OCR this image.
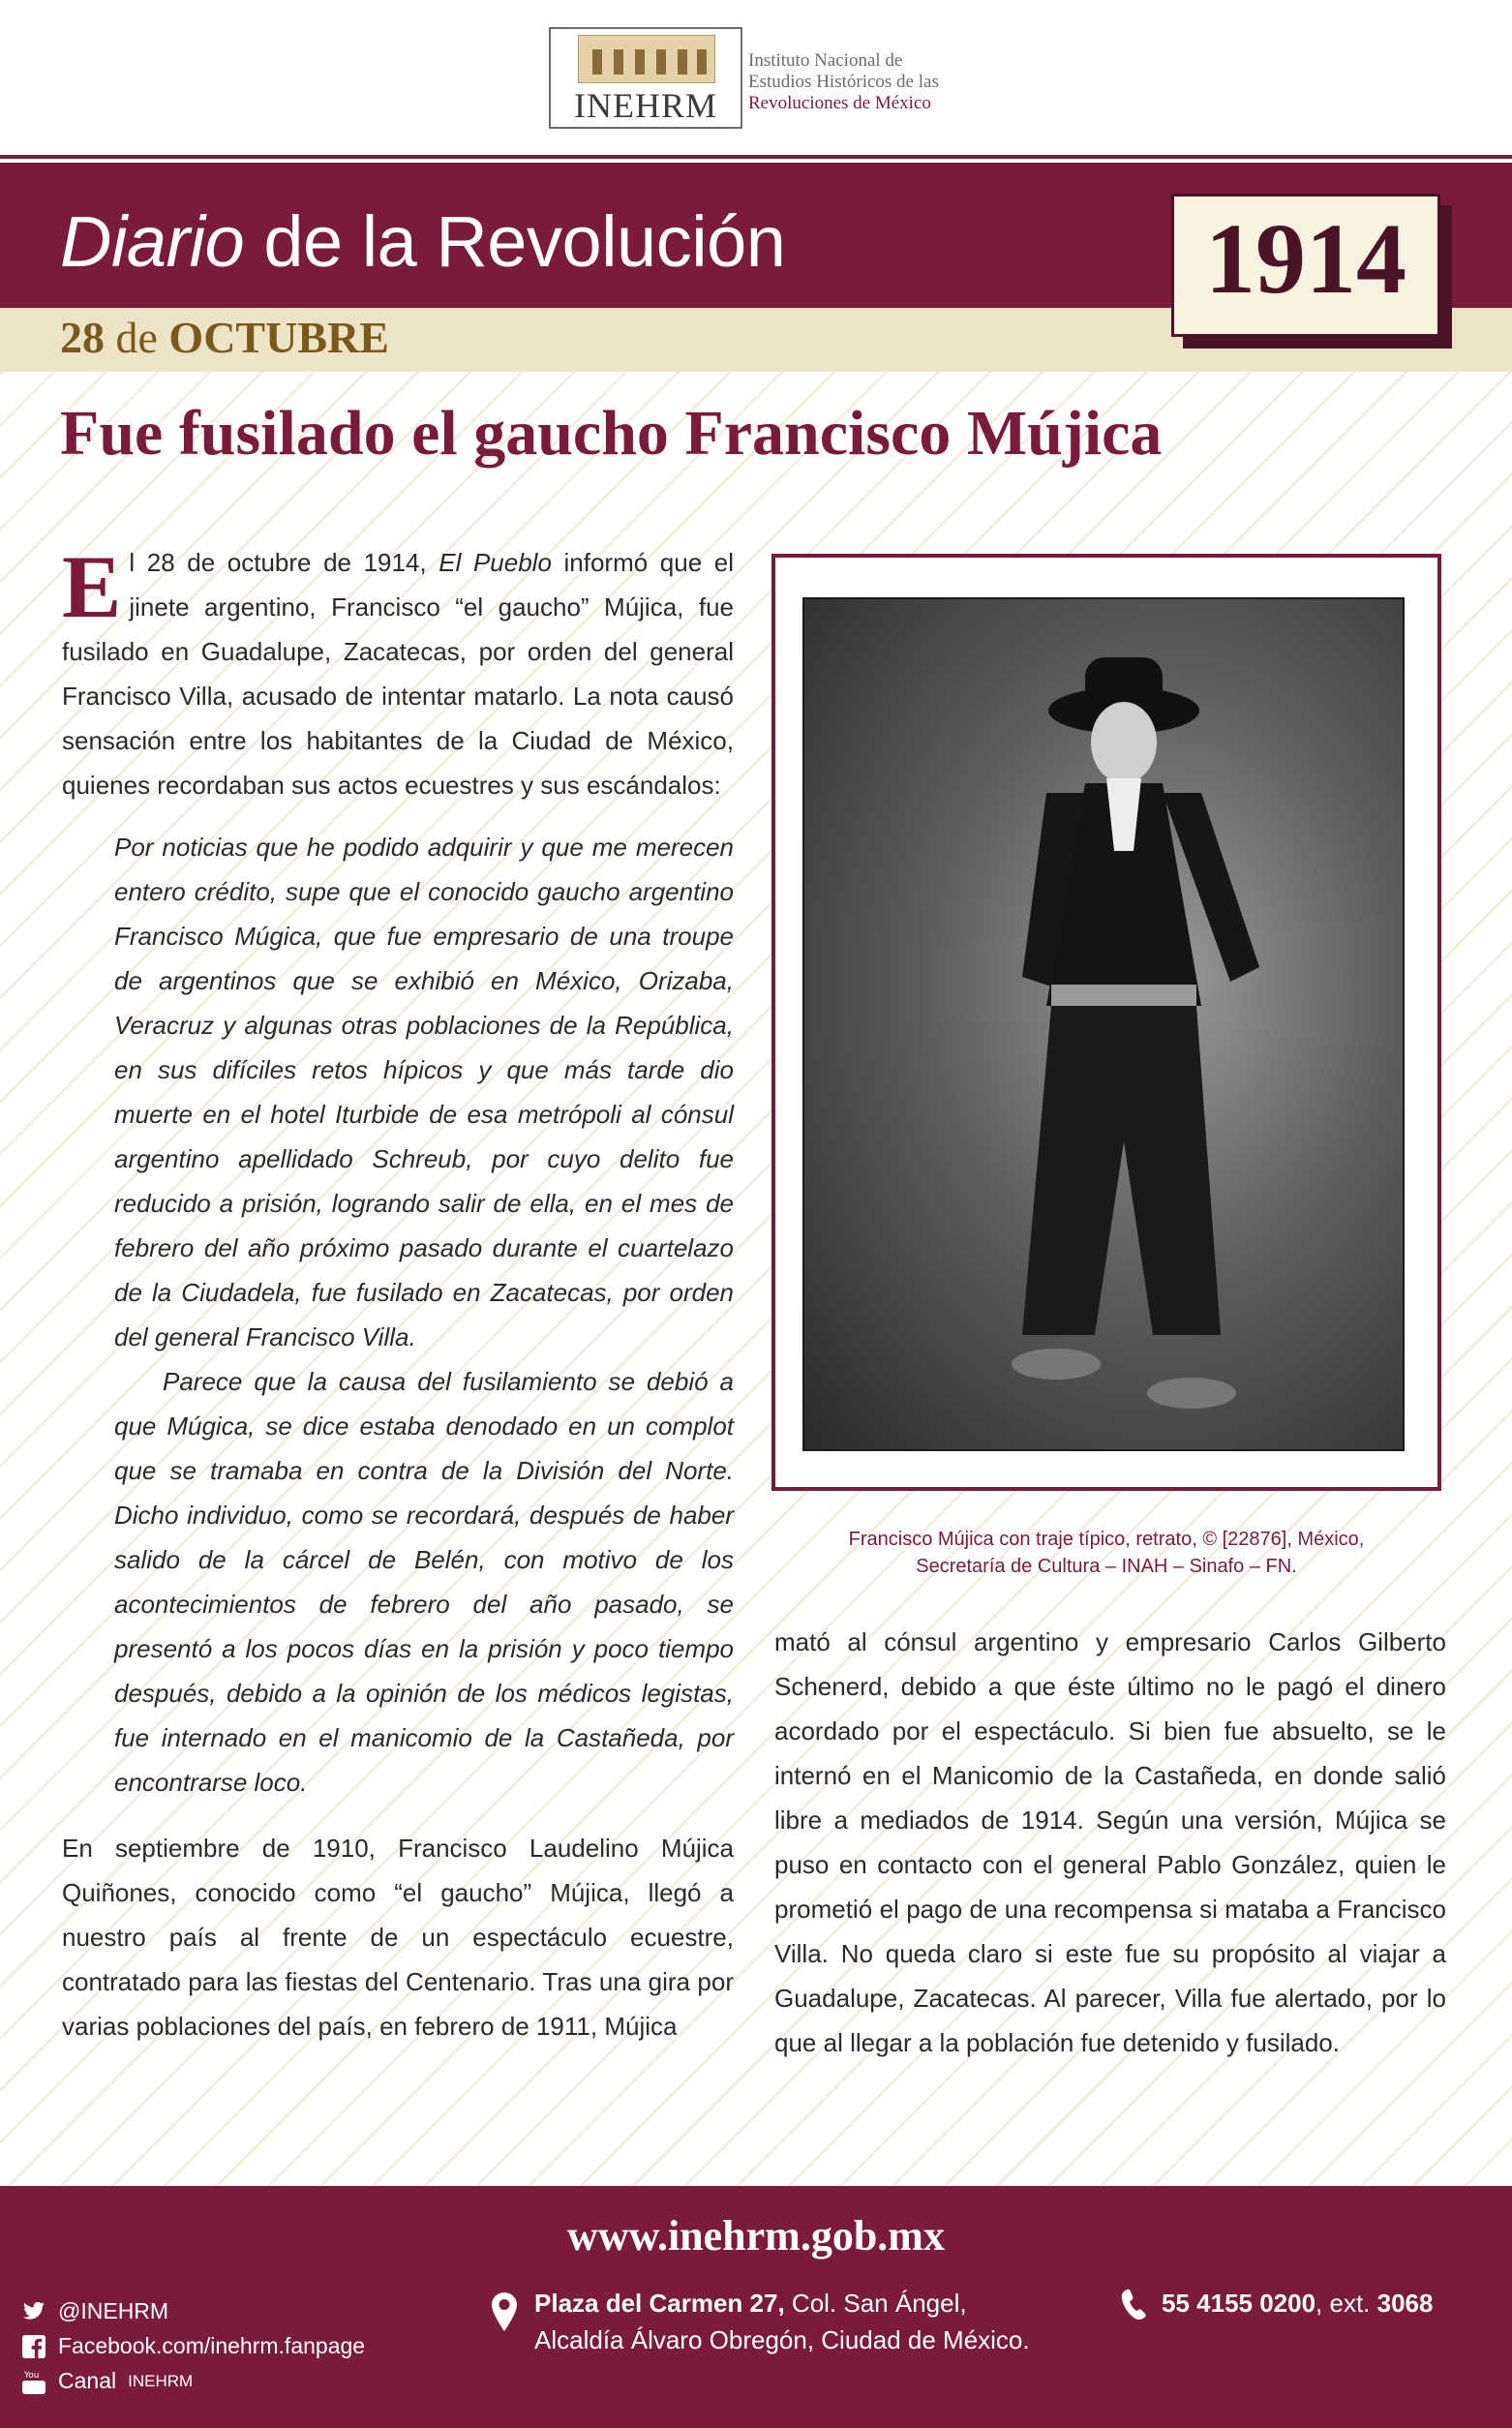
INEHRM
Instituto Nacional de
Estudios Históricos de las
Revoluciones de México
Diario de la Revolución
28 de OCTUBRE
1914
Fue fusilado el gaucho Francisco Mújica

El 28 de octubre de 1914, El Pueblo informó que el jinete argentino, Francisco “el gaucho” Mújica, fue fusilado en Guadalupe, Zacatecas, por orden del general Francisco Villa, acusado de intentar matarlo. La nota causó sensación entre los habitantes de la Ciudad de México, quienes recordaban sus actos ecuestres y sus escándalos:

Por noticias que he podido adquirir y que me merecen entero crédito, supe que el conocido gaucho argentino Francisco Múgica, que fue empresario de una troupe de argentinos que se exhibió en México, Orizaba, Veracruz y algunas otras poblaciones de la República, en sus difíciles retos hípicos y que más tarde dio muerte en el hotel Iturbide de esa metrópoli al cónsul argentino apellidado Schreub, por cuyo delito fue reducido a prisión, logrando salir de ella, en el mes de febrero del año próximo pasado durante el cuartelazo de la Ciudadela, fue fusilado en Zacatecas, por orden del general Francisco Villa.

Parece que la causa del fusilamiento se debió a que Múgica, se dice estaba denodado en un complot que se tramaba en contra de la División del Norte. Dicho individuo, como se recordará, después de haber salido de la cárcel de Belén, con motivo de los acontecimientos de febrero del año pasado, se presentó a los pocos días en la prisión y poco tiempo después, debido a la opinión de los médicos legistas, fue internado en el manicomio de la Castañeda, por encontrarse loco.

En septiembre de 1910, Francisco Laudelino Mújica Quiñones, conocido como “el gaucho” Mújica, llegó a nuestro país al frente de un espectáculo ecuestre, contratado para las fiestas del Centenario. Tras una gira por varias poblaciones del país, en febrero de 1911, Mújica

Francisco Mújica con traje típico, retrato, © [22876], México,
Secretaría de Cultura – INAH – Sinafo – FN.

mató al cónsul argentino y empresario Carlos Gilberto Schenerd, debido a que éste último no le pagó el dinero acordado por el espectáculo. Si bien fue absuelto, se le internó en el Manicomio de la Castañeda, en donde salió libre a mediados de 1914. Según una versión, Mújica se puso en contacto con el general Pablo González, quien le prometió el pago de una recompensa si mataba a Francisco Villa. No queda claro si este fue su propósito al viajar a Guadalupe, Zacatecas. Al parecer, Villa fue alertado, por lo que al llegar a la población fue detenido y fusilado.

www.inehrm.gob.mx
@INEHRM
Facebook.com/inehrm.fanpage
You Canal INEHRM
Plaza del Carmen 27, Col. San Ángel,
Alcaldía Álvaro Obregón, Ciudad de México.
55 4155 0200, ext. 3068
